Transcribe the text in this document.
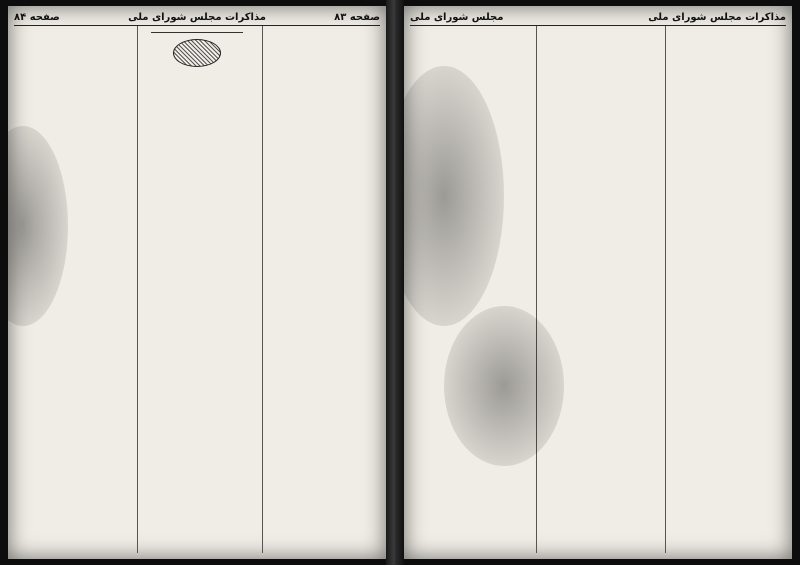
صفحه ۸۳
مذاکرات مجلس شورای ملی
صفحه ۸۴	مذاکرات مجلس شورای ملی
مجلس شورای ملی
